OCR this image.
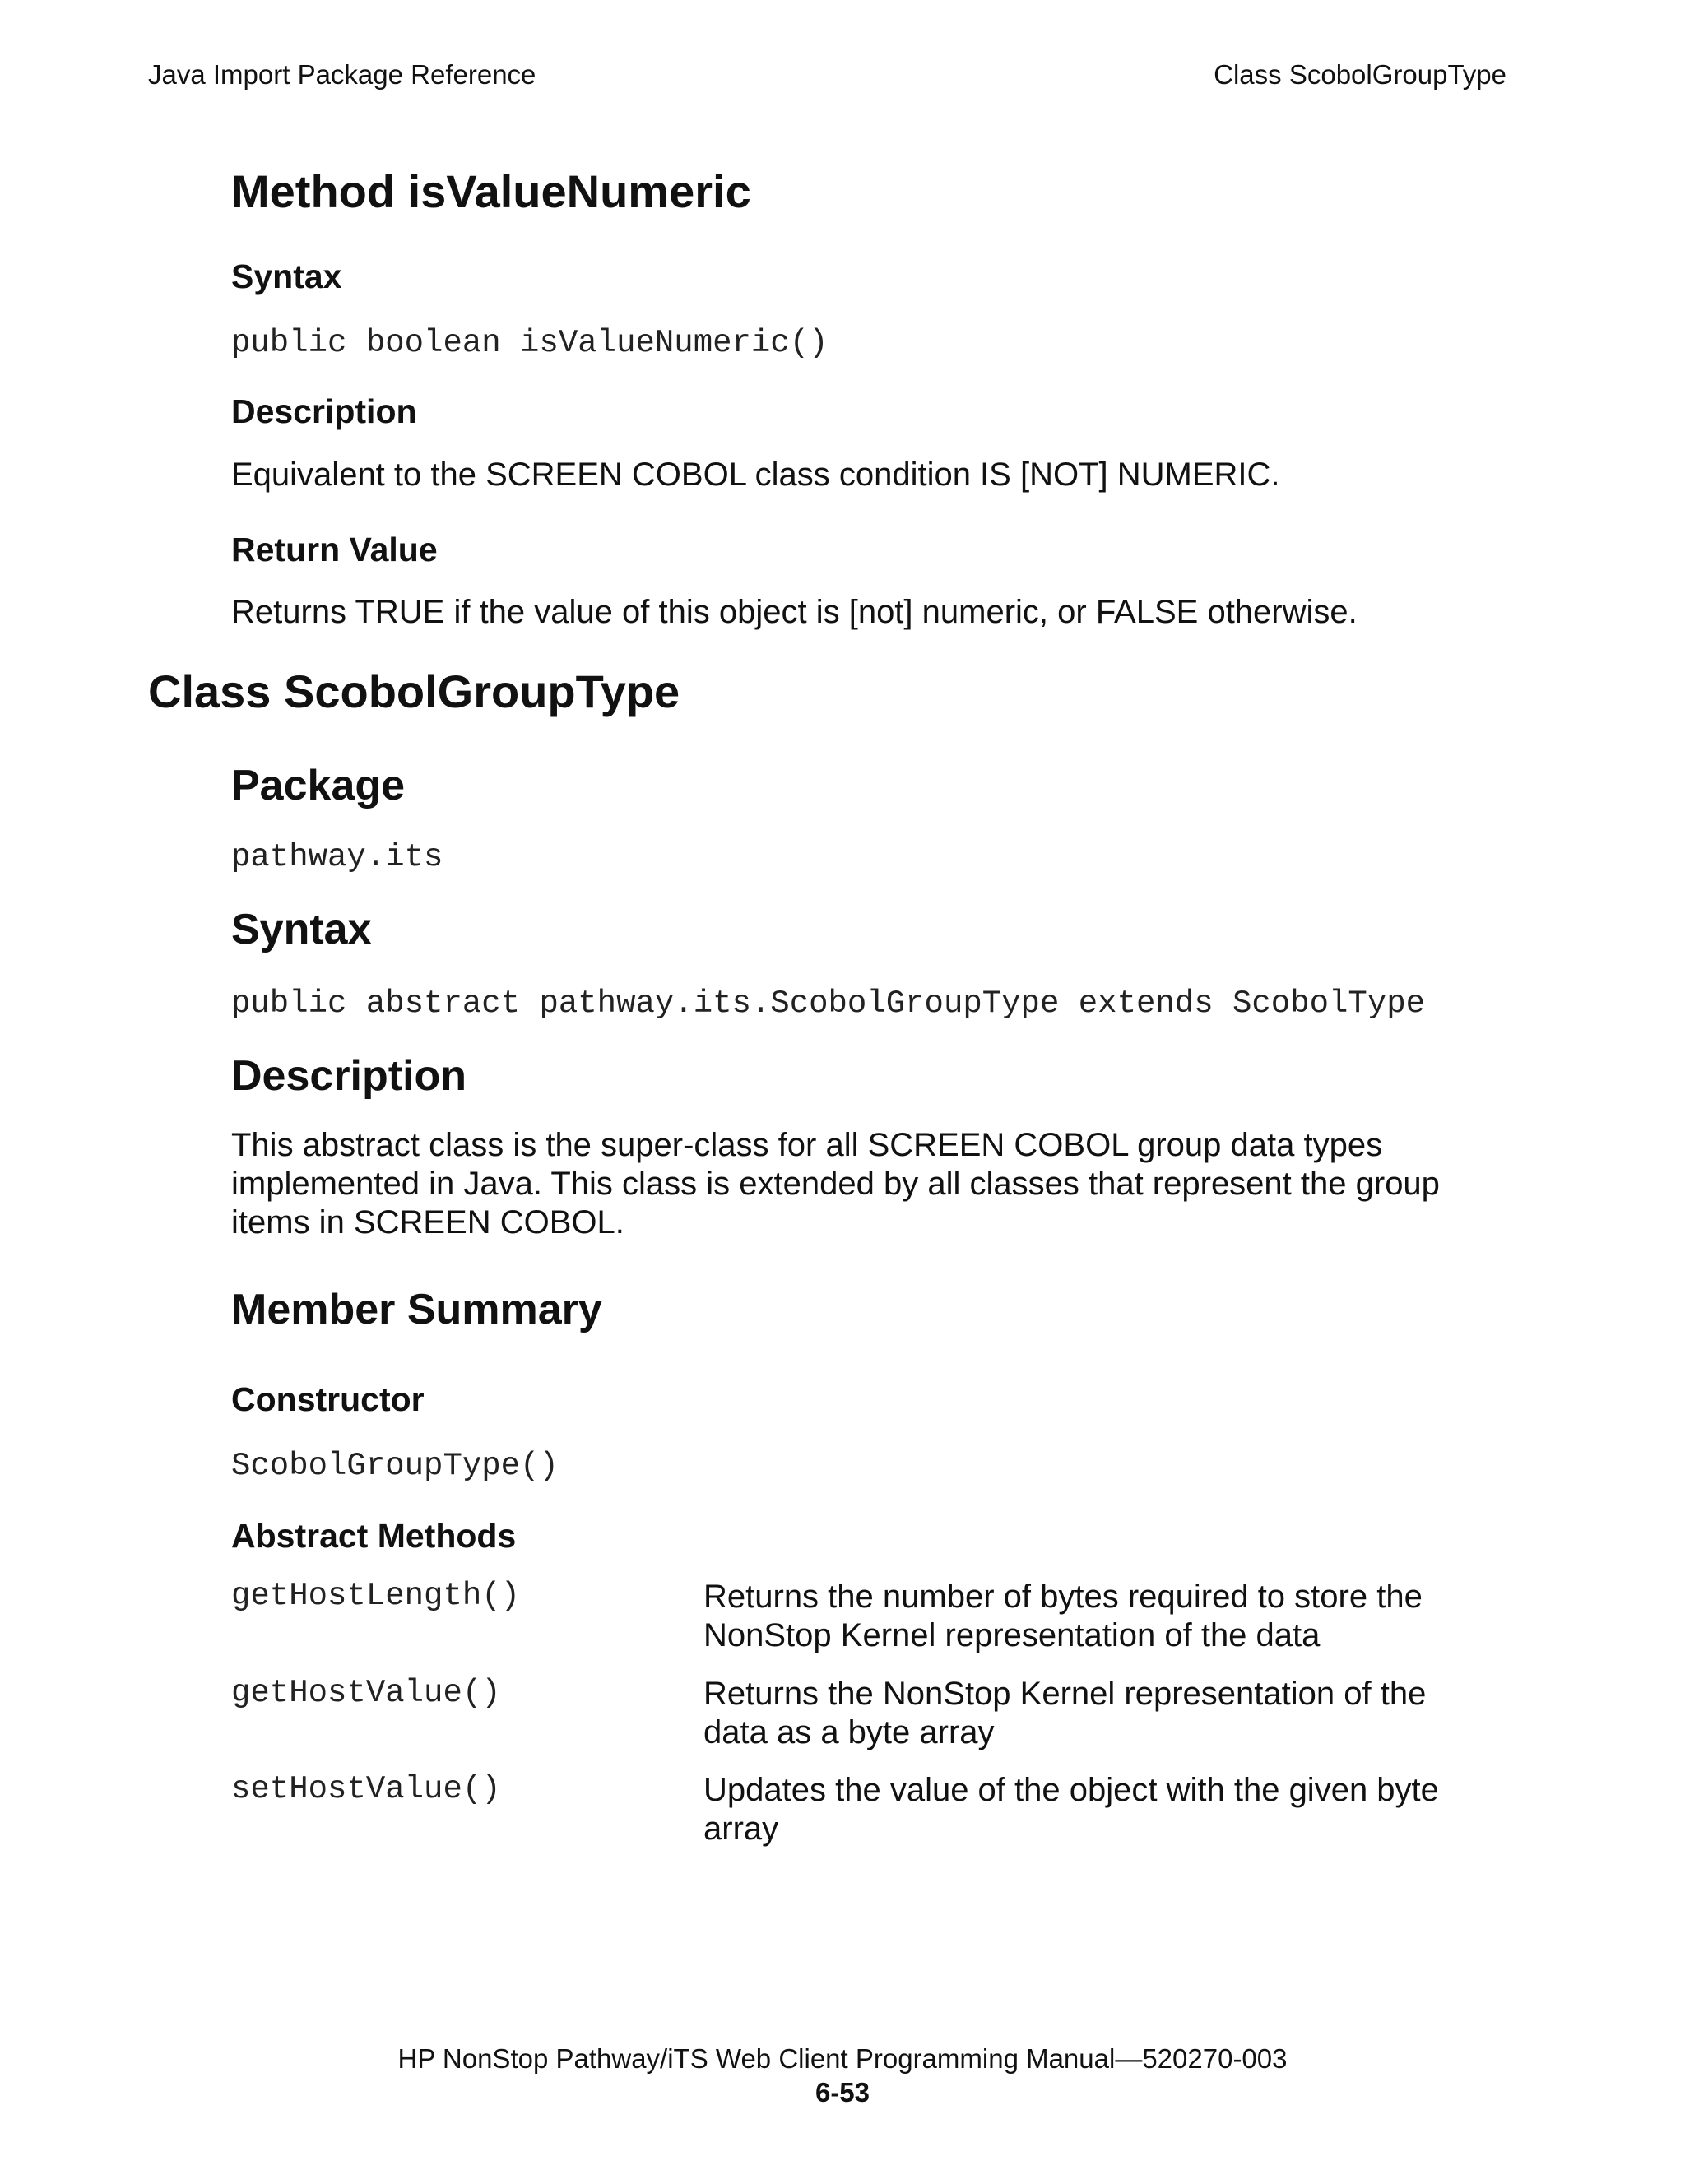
Java Import Package Reference	Class ScobolGroupType

Method isValueNumeric
Syntax

public boolean isValueNumeric()

Description

Equivalent to the SCREEN COBOL class condition IS [NOT] NUMERIC.

Return Value

Returns TRUE if the value of this object is [not] numeric, or FALSE otherwise.

Class ScobolGroupType
Package

pathway.its

Syntax

public abstract pathway.its.ScobolGroupType extends ScobolType

Description

This abstract class is the super-class for all SCREEN COBOL group data types implemented in Java. This class is extended by all classes that represent the group items in SCREEN COBOL.

Member Summary
Constructor

ScobolGroupType()

Abstract Methods
getHostLength()	Returns the number of bytes required to store the NonStop Kernel representation of the data
getHostValue()	Returns the NonStop Kernel representation of the data as a byte array
setHostValue()	Updates the value of the object with the given byte array

HP NonStop Pathway/iTS Web Client Programming Manual—520270-003

6-53
